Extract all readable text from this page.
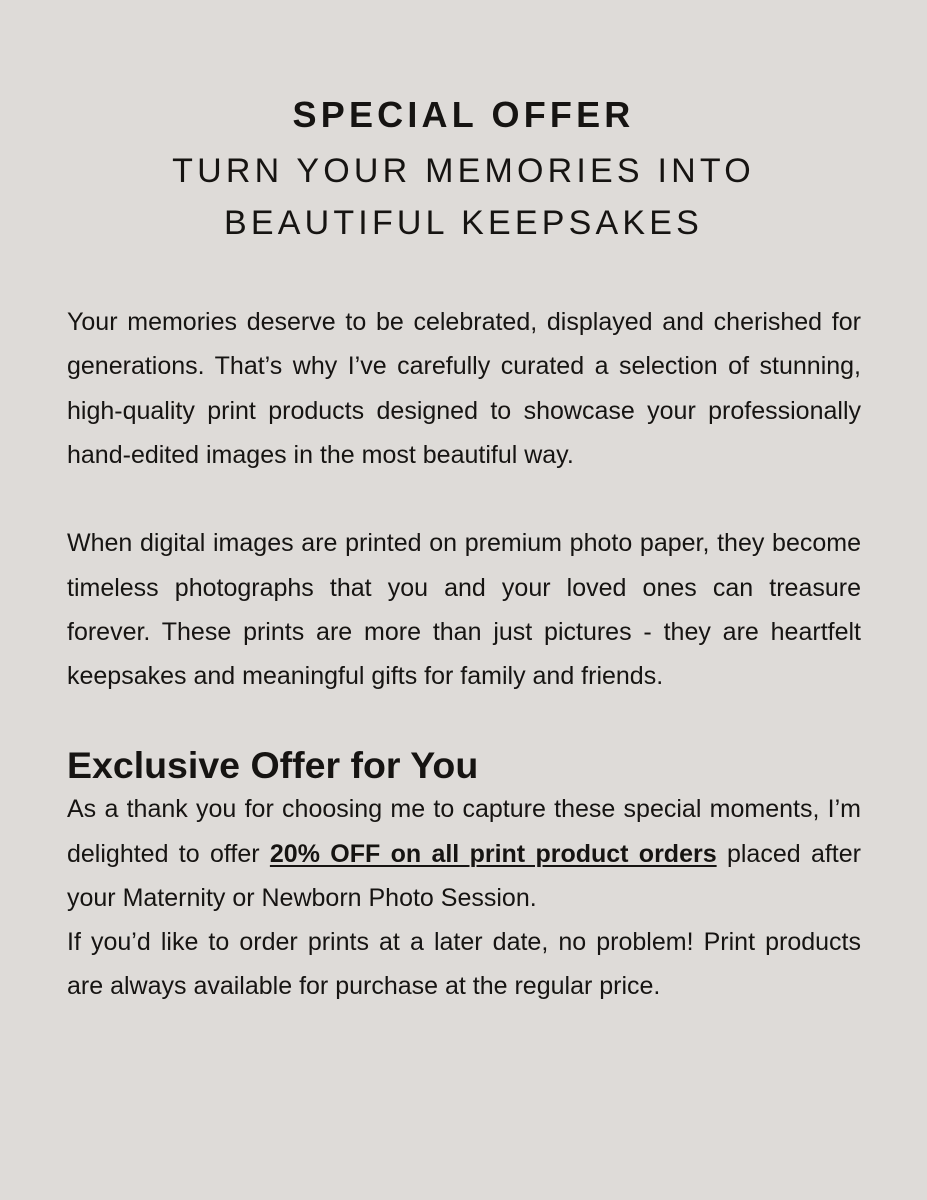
SPECIAL OFFER
TURN YOUR MEMORIES INTO
BEAUTIFUL KEEPSAKES

Your memories deserve to be celebrated, displayed and cherished for generations. That’s why I’ve carefully curated a selection of stunning, high-quality print products designed to showcase your professionally hand-edited images in the most beautiful way.

When digital images are printed on premium photo paper, they become timeless photographs that you and your loved ones can treasure forever. These prints are more than just pictures - they are heartfelt keepsakes and meaningful gifts for family and friends.

Exclusive Offer for You

As a thank you for choosing me to capture these special moments, I’m delighted to offer 20% OFF on all print product orders placed after your Maternity or Newborn Photo Session.

If you’d like to order prints at a later date, no problem! Print products are always available for purchase at the regular price.
